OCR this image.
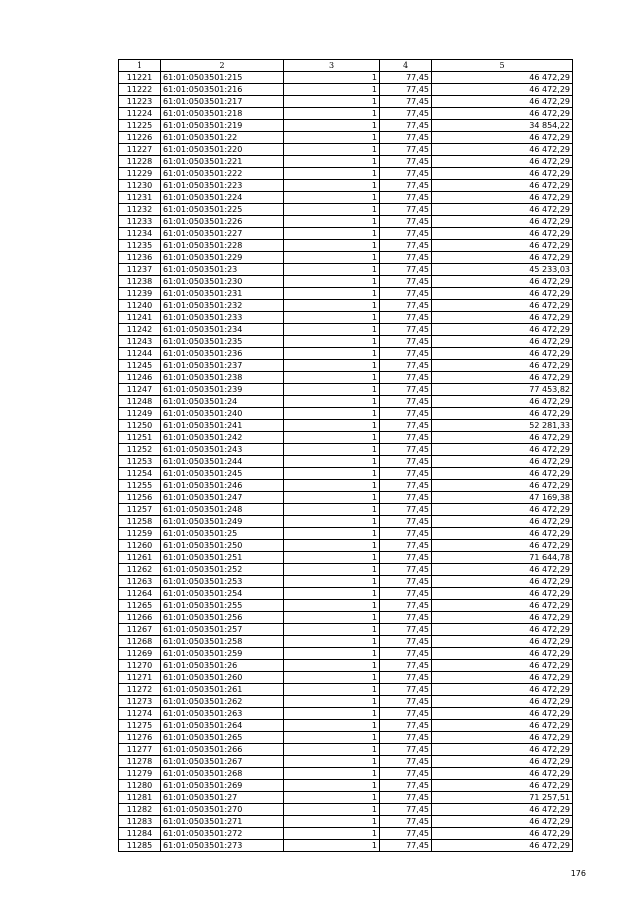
1	2	3	4	5
11221	61:01:0503501:215	1	77,45	46 472,29
11222	61:01:0503501:216	1	77,45	46 472,29
11223	61:01:0503501:217	1	77,45	46 472,29
11224	61:01:0503501:218	1	77,45	46 472,29
11225	61:01:0503501:219	1	77,45	34 854,22
11226	61:01:0503501:22	1	77,45	46 472,29
11227	61:01:0503501:220	1	77,45	46 472,29
11228	61:01:0503501:221	1	77,45	46 472,29
11229	61:01:0503501:222	1	77,45	46 472,29
11230	61:01:0503501:223	1	77,45	46 472,29
11231	61:01:0503501:224	1	77,45	46 472,29
11232	61:01:0503501:225	1	77,45	46 472,29
11233	61:01:0503501:226	1	77,45	46 472,29
11234	61:01:0503501:227	1	77,45	46 472,29
11235	61:01:0503501:228	1	77,45	46 472,29
11236	61:01:0503501:229	1	77,45	46 472,29
11237	61:01:0503501:23	1	77,45	45 233,03
11238	61:01:0503501:230	1	77,45	46 472,29
11239	61:01:0503501:231	1	77,45	46 472,29
11240	61:01:0503501:232	1	77,45	46 472,29
11241	61:01:0503501:233	1	77,45	46 472,29
11242	61:01:0503501:234	1	77,45	46 472,29
11243	61:01:0503501:235	1	77,45	46 472,29
11244	61:01:0503501:236	1	77,45	46 472,29
11245	61:01:0503501:237	1	77,45	46 472,29
11246	61:01:0503501:238	1	77,45	46 472,29
11247	61:01:0503501:239	1	77,45	77 453,82
11248	61:01:0503501:24	1	77,45	46 472,29
11249	61:01:0503501:240	1	77,45	46 472,29
11250	61:01:0503501:241	1	77,45	52 281,33
11251	61:01:0503501:242	1	77,45	46 472,29
11252	61:01:0503501:243	1	77,45	46 472,29
11253	61:01:0503501:244	1	77,45	46 472,29
11254	61:01:0503501:245	1	77,45	46 472,29
11255	61:01:0503501:246	1	77,45	46 472,29
11256	61:01:0503501:247	1	77,45	47 169,38
11257	61:01:0503501:248	1	77,45	46 472,29
11258	61:01:0503501:249	1	77,45	46 472,29
11259	61:01:0503501:25	1	77,45	46 472,29
11260	61:01:0503501:250	1	77,45	46 472,29
11261	61:01:0503501:251	1	77,45	71 644,78
11262	61:01:0503501:252	1	77,45	46 472,29
11263	61:01:0503501:253	1	77,45	46 472,29
11264	61:01:0503501:254	1	77,45	46 472,29
11265	61:01:0503501:255	1	77,45	46 472,29
11266	61:01:0503501:256	1	77,45	46 472,29
11267	61:01:0503501:257	1	77,45	46 472,29
11268	61:01:0503501:258	1	77,45	46 472,29
11269	61:01:0503501:259	1	77,45	46 472,29
11270	61:01:0503501:26	1	77,45	46 472,29
11271	61:01:0503501:260	1	77,45	46 472,29
11272	61:01:0503501:261	1	77,45	46 472,29
11273	61:01:0503501:262	1	77,45	46 472,29
11274	61:01:0503501:263	1	77,45	46 472,29
11275	61:01:0503501:264	1	77,45	46 472,29
11276	61:01:0503501:265	1	77,45	46 472,29
11277	61:01:0503501:266	1	77,45	46 472,29
11278	61:01:0503501:267	1	77,45	46 472,29
11279	61:01:0503501:268	1	77,45	46 472,29
11280	61:01:0503501:269	1	77,45	46 472,29
11281	61:01:0503501:27	1	77,45	71 257,51
11282	61:01:0503501:270	1	77,45	46 472,29
11283	61:01:0503501:271	1	77,45	46 472,29
11284	61:01:0503501:272	1	77,45	46 472,29
11285	61:01:0503501:273	1	77,45	46 472,29
176
